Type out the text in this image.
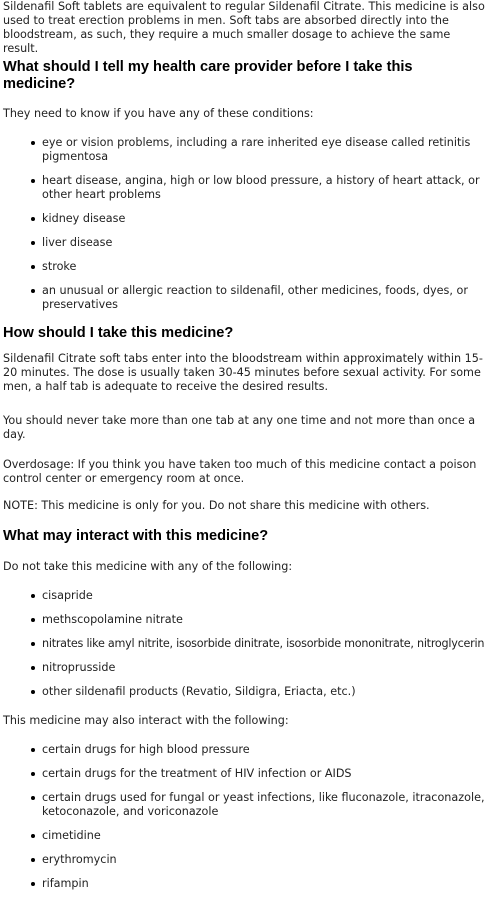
Sildenafil Soft tablets are equivalent to regular Sildenafil Citrate. This medicine is also used to treat erection problems in men. Soft tabs are absorbed directly into the bloodstream, as such, they require a much smaller dosage to achieve the same result.
What should I tell my health care provider before I take this medicine?
They need to know if you have any of these conditions:
eye or vision problems, including a rare inherited eye disease called retinitis pigmentosa
heart disease, angina, high or low blood pressure, a history of heart attack, or other heart problems
kidney disease
liver disease
stroke
an unusual or allergic reaction to sildenafil, other medicines, foods, dyes, or preservatives
How should I take this medicine?
Sildenafil Citrate soft tabs enter into the bloodstream within approximately within 15-20 minutes. The dose is usually taken 30-45 minutes before sexual activity. For some men, a half tab is adequate to receive the desired results.
You should never take more than one tab at any one time and not more than once a day.
Overdosage: If you think you have taken too much of this medicine contact a poison control center or emergency room at once.
NOTE: This medicine is only for you. Do not share this medicine with others.
What may interact with this medicine?
Do not take this medicine with any of the following:
cisapride
methscopolamine nitrate
nitrates like amyl nitrite, isosorbide dinitrate, isosorbide mononitrate, nitroglycerin
nitroprusside
other sildenafil products (Revatio, Sildigra, Eriacta, etc.)
This medicine may also interact with the following:
certain drugs for high blood pressure
certain drugs for the treatment of HIV infection or AIDS
certain drugs used for fungal or yeast infections, like fluconazole, itraconazole, ketoconazole, and voriconazole
cimetidine
erythromycin
rifampin
